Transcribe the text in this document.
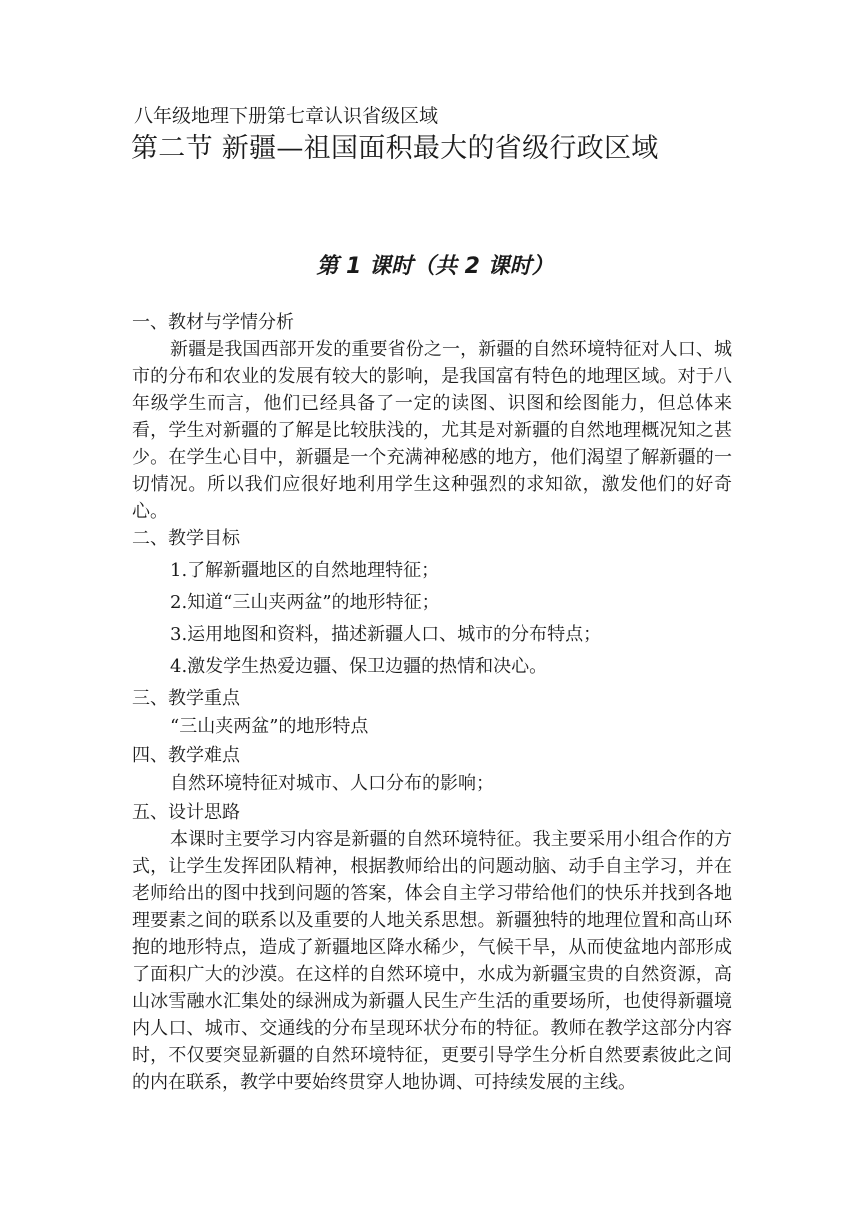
八年级地理下册第七章认识省级区域
第二节 新疆—祖国面积最大的省级行政区域
第 1 课时（共 2 课时）

一、教材与学情分析

新疆是我国西部开发的重要省份之一，新疆的自然环境特征对人口、城市的分布和农业的发展有较大的影响，是我国富有特色的地理区域。对于八年级学生而言，他们已经具备了一定的读图、识图和绘图能力，但总体来看，学生对新疆的了解是比较肤浅的，尤其是对新疆的自然地理概况知之甚少。在学生心目中，新疆是一个充满神秘感的地方，他们渴望了解新疆的一切情况。所以我们应很好地利用学生这种强烈的求知欲，激发他们的好奇心。

二、教学目标

1.了解新疆地区的自然地理特征；

2.知道“三山夹两盆”的地形特征；

3.运用地图和资料，描述新疆人口、城市的分布特点；

4.激发学生热爱边疆、保卫边疆的热情和决心。

三、教学重点

“三山夹两盆”的地形特点

四、教学难点

自然环境特征对城市、人口分布的影响；

五、设计思路

本课时主要学习内容是新疆的自然环境特征。我主要采用小组合作的方式，让学生发挥团队精神，根据教师给出的问题动脑、动手自主学习，并在老师给出的图中找到问题的答案，体会自主学习带给他们的快乐并找到各地理要素之间的联系以及重要的人地关系思想。新疆独特的地理位置和高山环抱的地形特点，造成了新疆地区降水稀少，气候干旱，从而使盆地内部形成了面积广大的沙漠。在这样的自然环境中，水成为新疆宝贵的自然资源，高山冰雪融水汇集处的绿洲成为新疆人民生产生活的重要场所，也使得新疆境内人口、城市、交通线的分布呈现环状分布的特征。教师在教学这部分内容时，不仅要突显新疆的自然环境特征，更要引导学生分析自然要素彼此之间的内在联系，教学中要始终贯穿人地协调、可持续发展的主线。
